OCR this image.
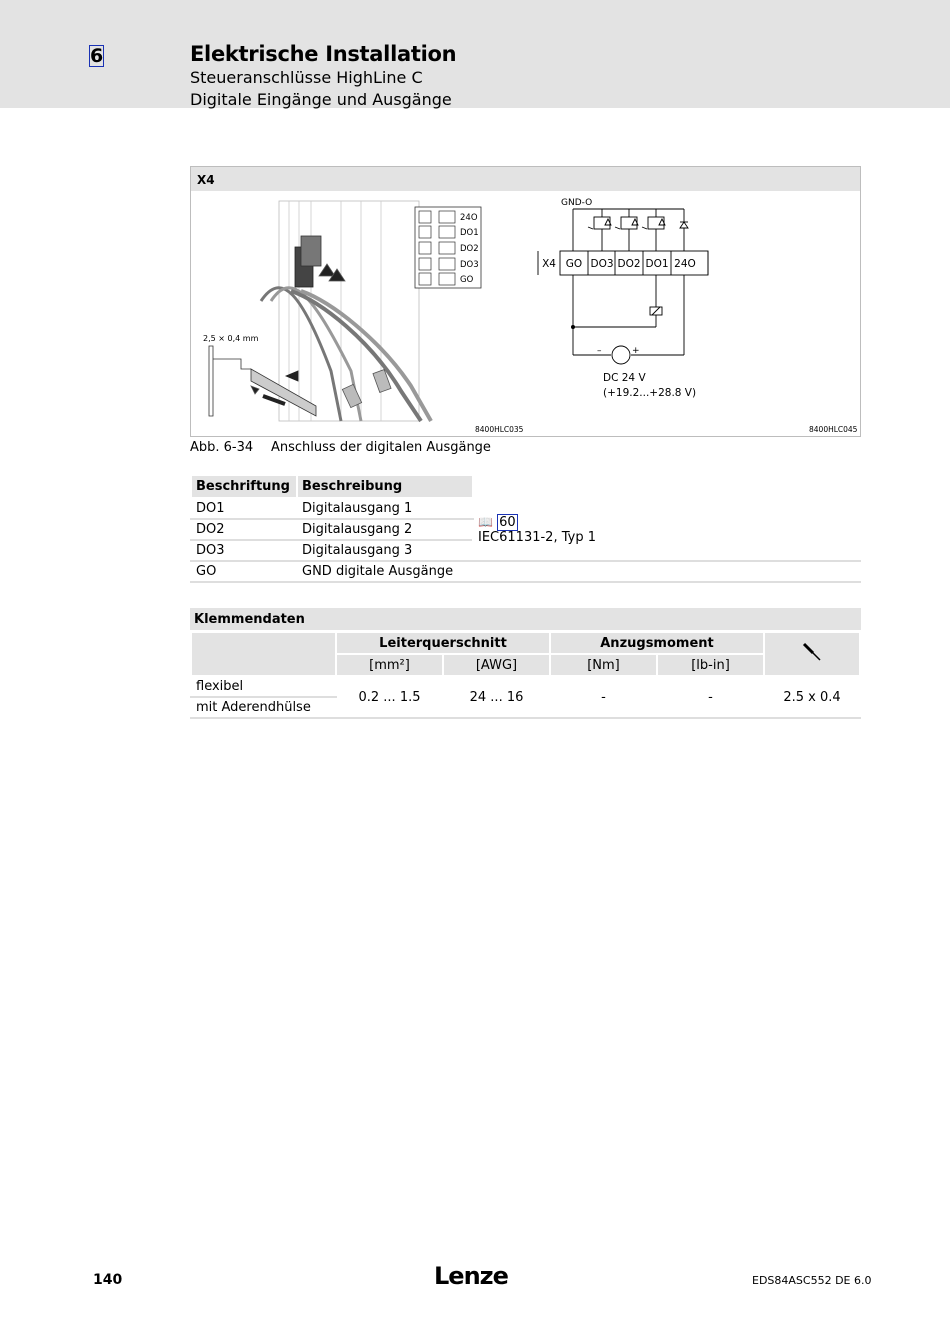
6	Elektrische Installation
Steueranschlüsse HighLine C
Digitale Eingänge und Ausgänge
X4
2,5 × 0,4 mm
24O
DO1
DO2
DO3
GO
–	+
GND-O
X4 GO DO3 DO2 DO1 24O
DC 24 V
(+19.2...+28.8 V)
8400HLC035	8400HLC045
Abb. 6-34 Anschluss der digitalen Ausgänge
Beschriftung	Beschreibung	
DO1	Digitalausgang 1	📖 60
IEC61131-2, Typ 1
DO2	Digitalausgang 2	
DO3	Digitalausgang 3	
GO	GND digitale Ausgänge	
Klemmendaten
	Leiterquerschnitt		Anzugsmoment	
	[mm²]	[AWG]	[Nm]	[lb-in]	
flexibel	0.2 ... 1.5	24 ... 16	-	-	2.5 x 0.4
mit Aderendhülse					
140	Lenze	EDS84ASC552 DE 6.0
